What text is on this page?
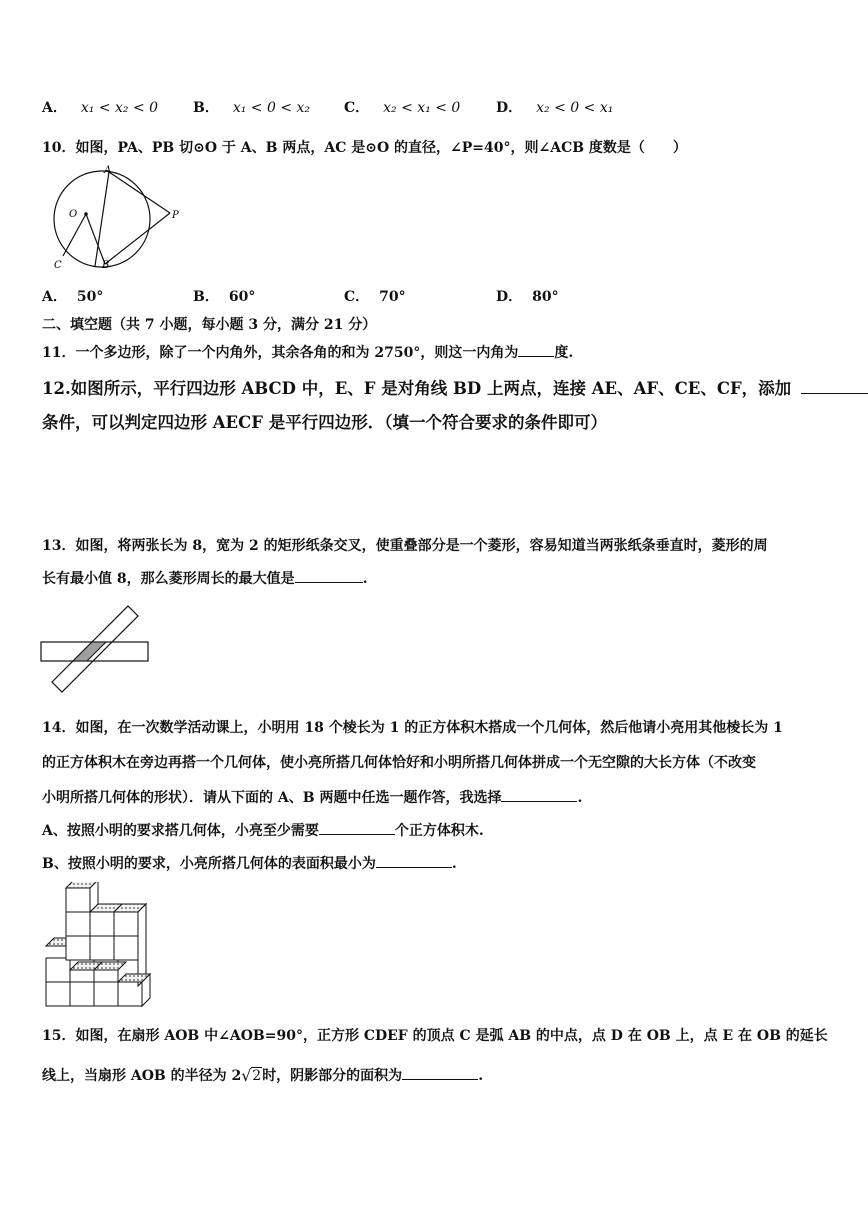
A． x₁ < x₂ < 0 B． x₁ < 0 < x₂ C． x₂ < x₁ < 0	D． x₂ < 0 < x₁
10．如图，PA、PB 切⊙O 于 A、B 两点，AC 是⊙O 的直径，∠P=40°，则∠ACB 度数是（　　）
A
O	P
C	B
A． 50°	B． 60°	C． 70°	D． 80°
二、填空题（共 7 小题，每小题 3 分，满分 21 分）
11．一个多边形，除了一个内角外，其余各角的和为 2750°，则这一内角为	度.
12.如图所示，平行四边形 ABCD 中，E、F 是对角线 BD 上两点，连接 AE、AF、CE、CF，添加
条件，可以判定四边形 AECF 是平行四边形．（填一个符合要求的条件即可）
13．如图，将两张长为 8，宽为 2 的矩形纸条交叉，使重叠部分是一个菱形，容易知道当两张纸条垂直时，菱形的周
长有最小值 8，那么菱形周长的最大值是	.
14．如图，在一次数学活动课上，小明用 18 个棱长为 1 的正方体积木搭成一个几何体，然后他请小亮用其他棱长为 1
的正方体积木在旁边再搭一个几何体，使小亮所搭几何体恰好和小明所搭几何体拼成一个无空隙的大长方体（不改变
小明所搭几何体的形状）．请从下面的 A、B 两题中任选一题作答，我选择	.
A、按照小明的要求搭几何体，小亮至少需要	个正方体积木.
B、按照小明的要求，小亮所搭几何体的表面积最小为	.
15．如图，在扇形 AOB 中∠AOB=90°，正方形 CDEF 的顶点 C 是弧 AB 的中点，点 D 在 OB 上，点 E 在 OB 的延长
线上，当扇形 AOB 的半径为 2 √ 2时，阴影部分的面积为	.
